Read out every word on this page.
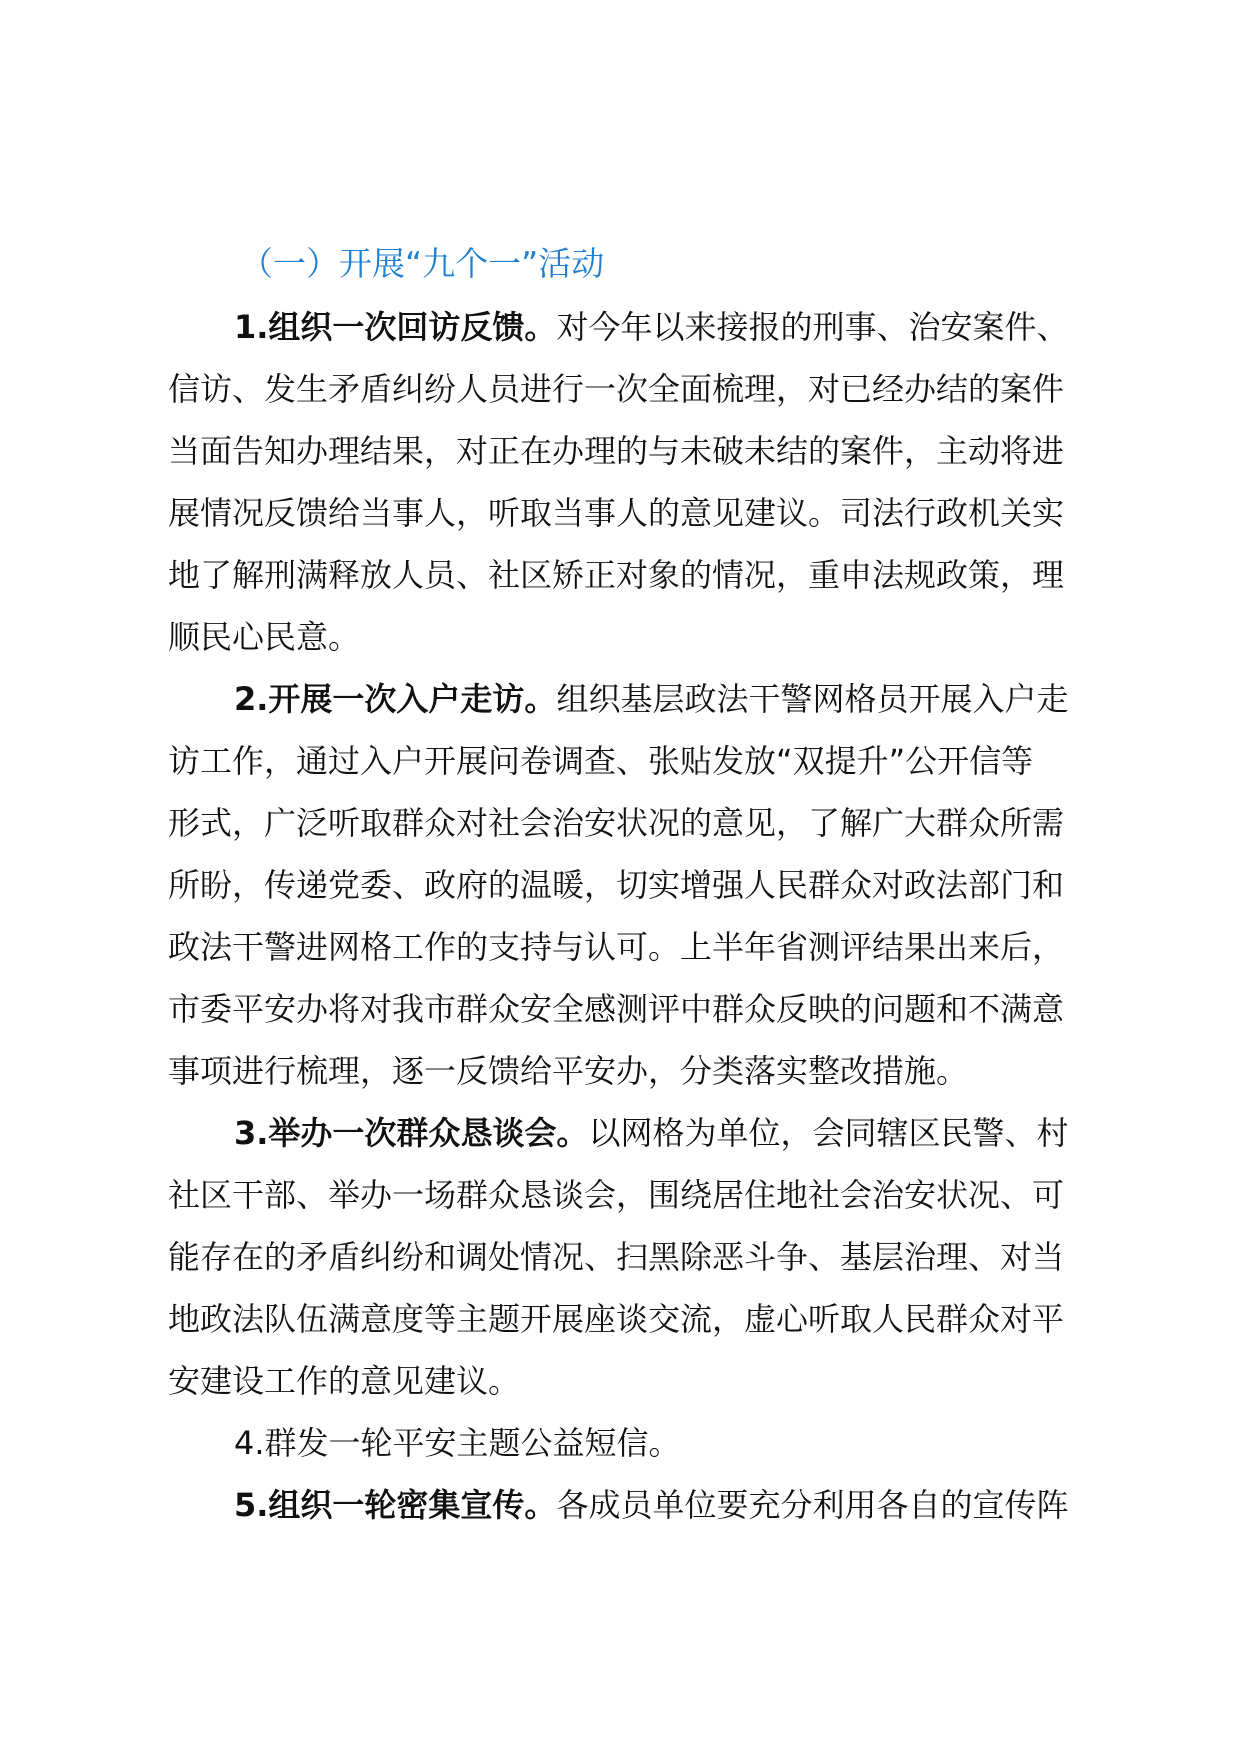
（一）开展“九个一”活动
1.组织一次回访反馈。对今年以来接报的刑事、治安案件、
信访、发生矛盾纠纷人员进行一次全面梳理，对已经办结的案件
当面告知办理结果，对正在办理的与未破未结的案件，主动将进
展情况反馈给当事人，听取当事人的意见建议。司法行政机关实
地了解刑满释放人员、社区矫正对象的情况，重申法规政策，理
顺民心民意。
2.开展一次入户走访。组织基层政法干警网格员开展入户走
访工作，通过入户开展问卷调查、张贴发放“双提升”公开信等
形式，广泛听取群众对社会治安状况的意见，了解广大群众所需
所盼，传递党委、政府的温暖，切实增强人民群众对政法部门和
政法干警进网格工作的支持与认可。上半年省测评结果出来后，
市委平安办将对我市群众安全感测评中群众反映的问题和不满意
事项进行梳理，逐一反馈给平安办，分类落实整改措施。
3.举办一次群众恳谈会。以网格为单位，会同辖区民警、村
社区干部、举办一场群众恳谈会，围绕居住地社会治安状况、可
能存在的矛盾纠纷和调处情况、扫黑除恶斗争、基层治理、对当
地政法队伍满意度等主题开展座谈交流，虚心听取人民群众对平
安建设工作的意见建议。
4.群发一轮平安主题公益短信。
5.组织一轮密集宣传。各成员单位要充分利用各自的宣传阵
